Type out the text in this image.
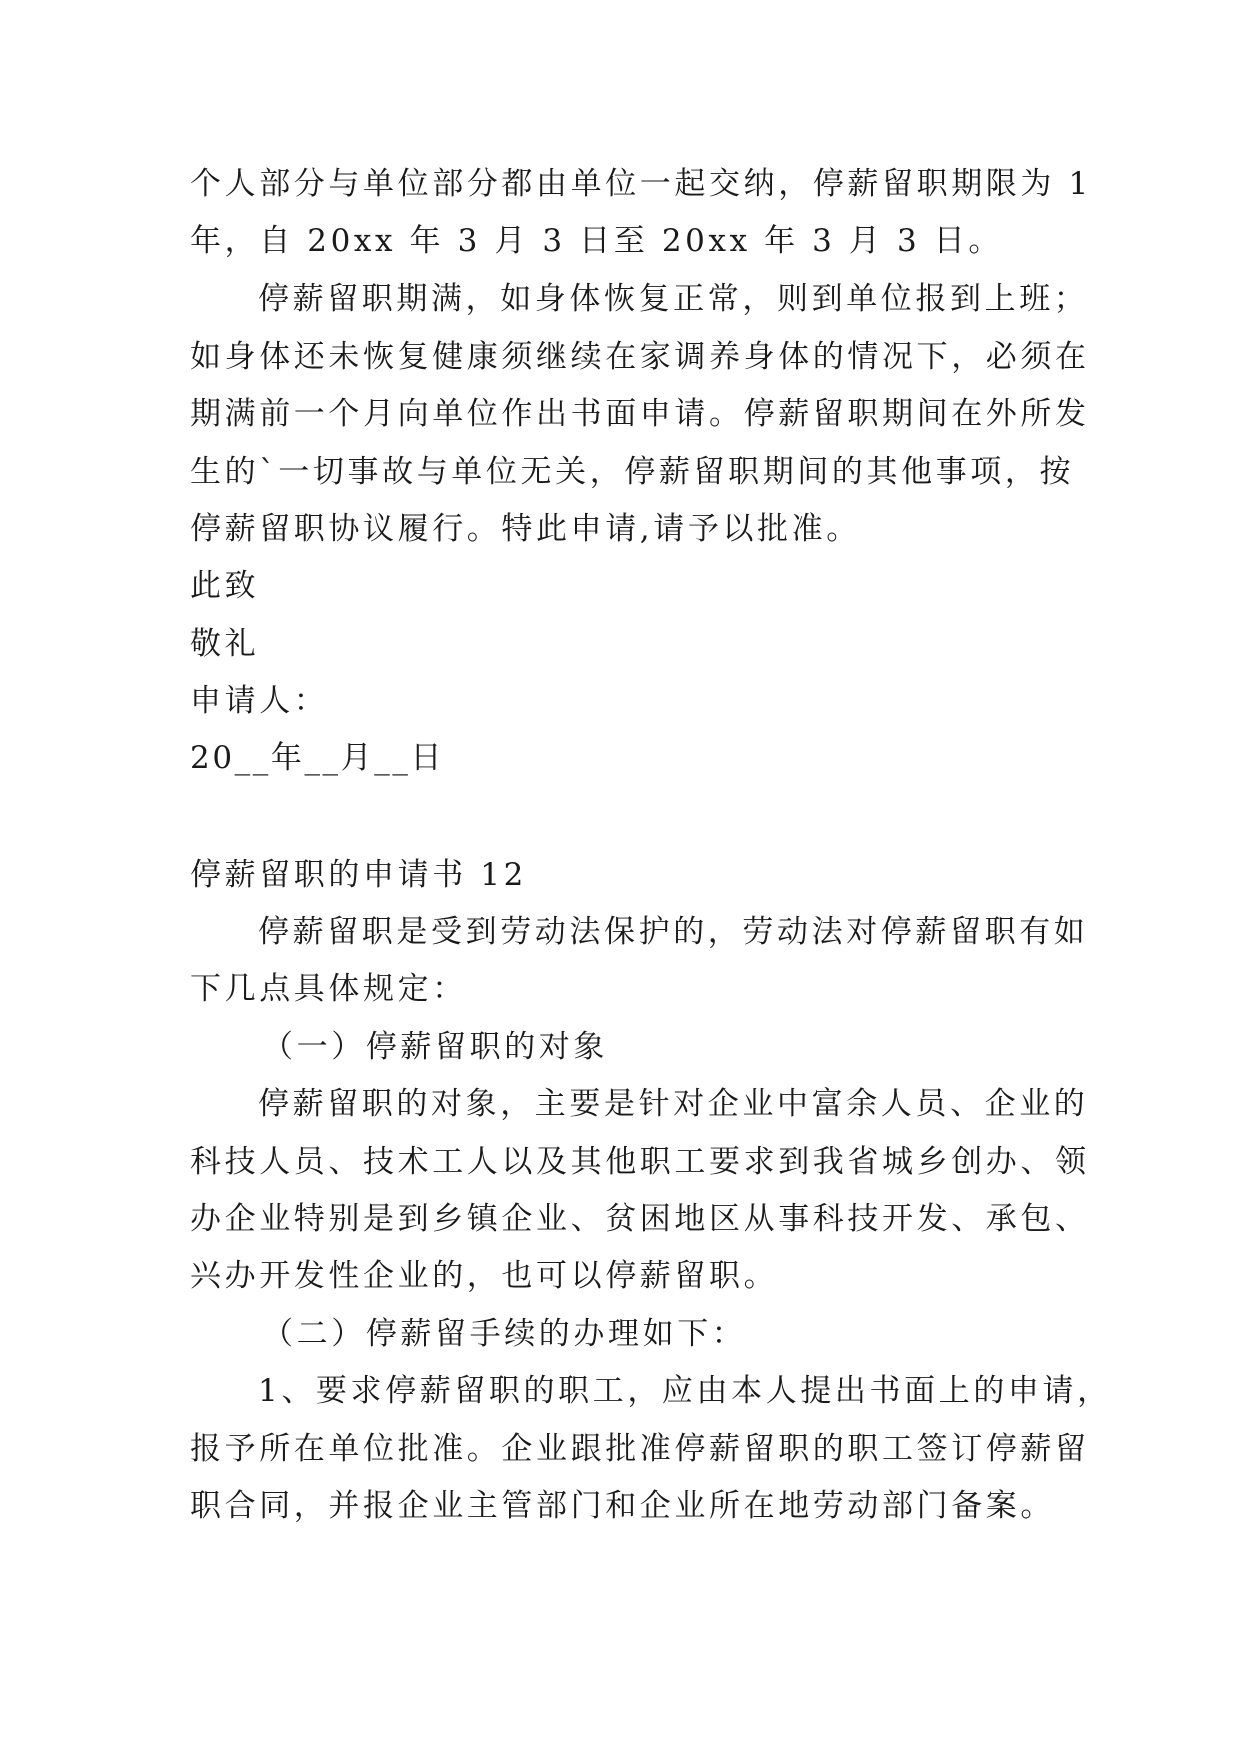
个人部分与单位部分都由单位一起交纳，停薪留职期限为 1
年，自 20xx 年 3 月 3 日至 20xx 年 3 月 3 日。
停薪留职期满，如身体恢复正常，则到单位报到上班；
如身体还未恢复健康须继续在家调养身体的情况下，必须在
期满前一个月向单位作出书面申请。停薪留职期间在外所发
生的`一切事故与单位无关，停薪留职期间的其他事项，按
停薪留职协议履行。特此申请,请予以批准。
此致
敬礼
申请人：
20__年__月__日
停薪留职的申请书 12
停薪留职是受到劳动法保护的，劳动法对停薪留职有如
下几点具体规定：
（一）停薪留职的对象
停薪留职的对象，主要是针对企业中富余人员、企业的
科技人员、技术工人以及其他职工要求到我省城乡创办、领
办企业特别是到乡镇企业、贫困地区从事科技开发、承包、
兴办开发性企业的，也可以停薪留职。
（二）停薪留手续的办理如下：
1、要求停薪留职的职工，应由本人提出书面上的申请，
报予所在单位批准。企业跟批准停薪留职的职工签订停薪留
职合同，并报企业主管部门和企业所在地劳动部门备案。
